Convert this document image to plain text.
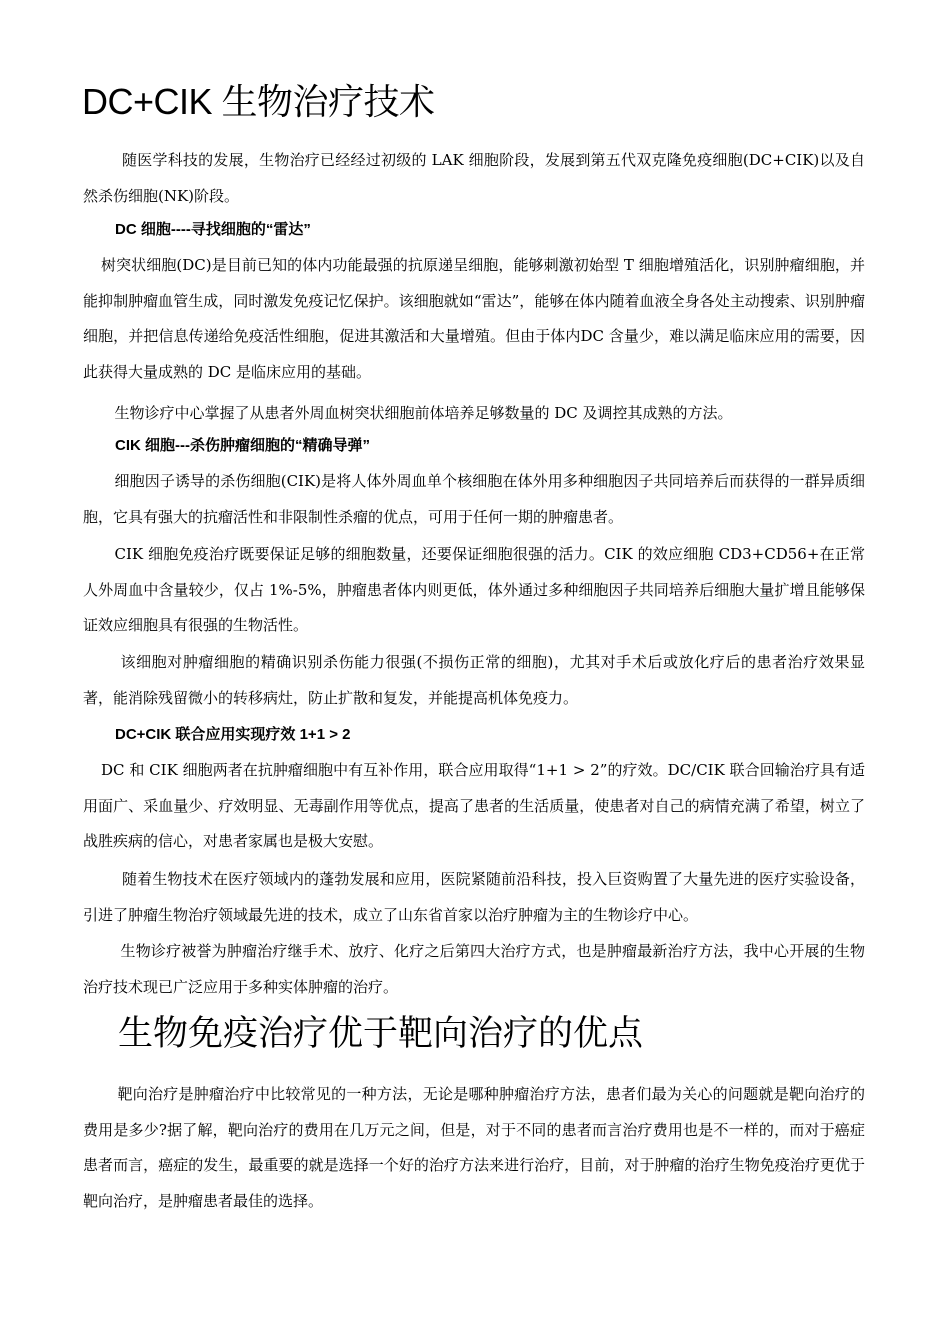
DC+CIK 生物治疗技术

随医学科技的发展，生物治疗已经经过初级的 LAK 细胞阶段，发展到第五代双克隆免疫细胞(DC+CIK)以及自然杀伤细胞(NK)阶段。

DC 细胞----寻找细胞的“雷达”

树突状细胞(DC)是目前已知的体内功能最强的抗原递呈细胞，能够刺激初始型 T 细胞增殖活化，识别肿瘤细胞，并能抑制肿瘤血管生成，同时激发免疫记忆保护。该细胞就如“雷达”，能够在体内随着血液全身各处主动搜索、识别肿瘤细胞，并把信息传递给免疫活性细胞，促进其激活和大量增殖。但由于体内DC 含量少，难以满足临床应用的需要，因此获得大量成熟的 DC 是临床应用的基础。

生物诊疗中心掌握了从患者外周血树突状细胞前体培养足够数量的 DC 及调控其成熟的方法。

CIK 细胞---杀伤肿瘤细胞的“精确导弹”

细胞因子诱导的杀伤细胞(CIK)是将人体外周血单个核细胞在体外用多种细胞因子共同培养后而获得的一群异质细胞，它具有强大的抗瘤活性和非限制性杀瘤的优点，可用于任何一期的肿瘤患者。

CIK 细胞免疫治疗既要保证足够的细胞数量，还要保证细胞很强的活力。CIK 的效应细胞 CD3+CD56+在正常人外周血中含量较少，仅占 1%-5%，肿瘤患者体内则更低，体外通过多种细胞因子共同培养后细胞大量扩增且能够保证效应细胞具有很强的生物活性。

该细胞对肿瘤细胞的精确识别杀伤能力很强(不损伤正常的细胞)，尤其对手术后或放化疗后的患者治疗效果显著，能消除残留微小的转移病灶，防止扩散和复发，并能提高机体免疫力。

DC+CIK 联合应用实现疗效 1+1 > 2

DC 和 CIK 细胞两者在抗肿瘤细胞中有互补作用，联合应用取得“1+1 > 2”的疗效。DC/CIK 联合回输治疗具有适用面广、采血量少、疗效明显、无毒副作用等优点，提高了患者的生活质量，使患者对自己的病情充满了希望，树立了战胜疾病的信心，对患者家属也是极大安慰。

随着生物技术在医疗领域内的蓬勃发展和应用，医院紧随前沿科技，投入巨资购置了大量先进的医疗实验设备，引进了肿瘤生物治疗领域最先进的技术，成立了山东省首家以治疗肿瘤为主的生物诊疗中心。

生物诊疗被誉为肿瘤治疗继手术、放疗、化疗之后第四大治疗方式，也是肿瘤最新治疗方法，我中心开展的生物治疗技术现已广泛应用于多种实体肿瘤的治疗。

生物免疫治疗优于靶向治疗的优点

靶向治疗是肿瘤治疗中比较常见的一种方法，无论是哪种肿瘤治疗方法，患者们最为关心的问题就是靶向治疗的费用是多少?据了解，靶向治疗的费用在几万元之间，但是，对于不同的患者而言治疗费用也是不一样的，而对于癌症患者而言，癌症的发生，最重要的就是选择一个好的治疗方法来进行治疗，目前，对于肿瘤的治疗生物免疫治疗更优于靶向治疗，是肿瘤患者最佳的选择。
